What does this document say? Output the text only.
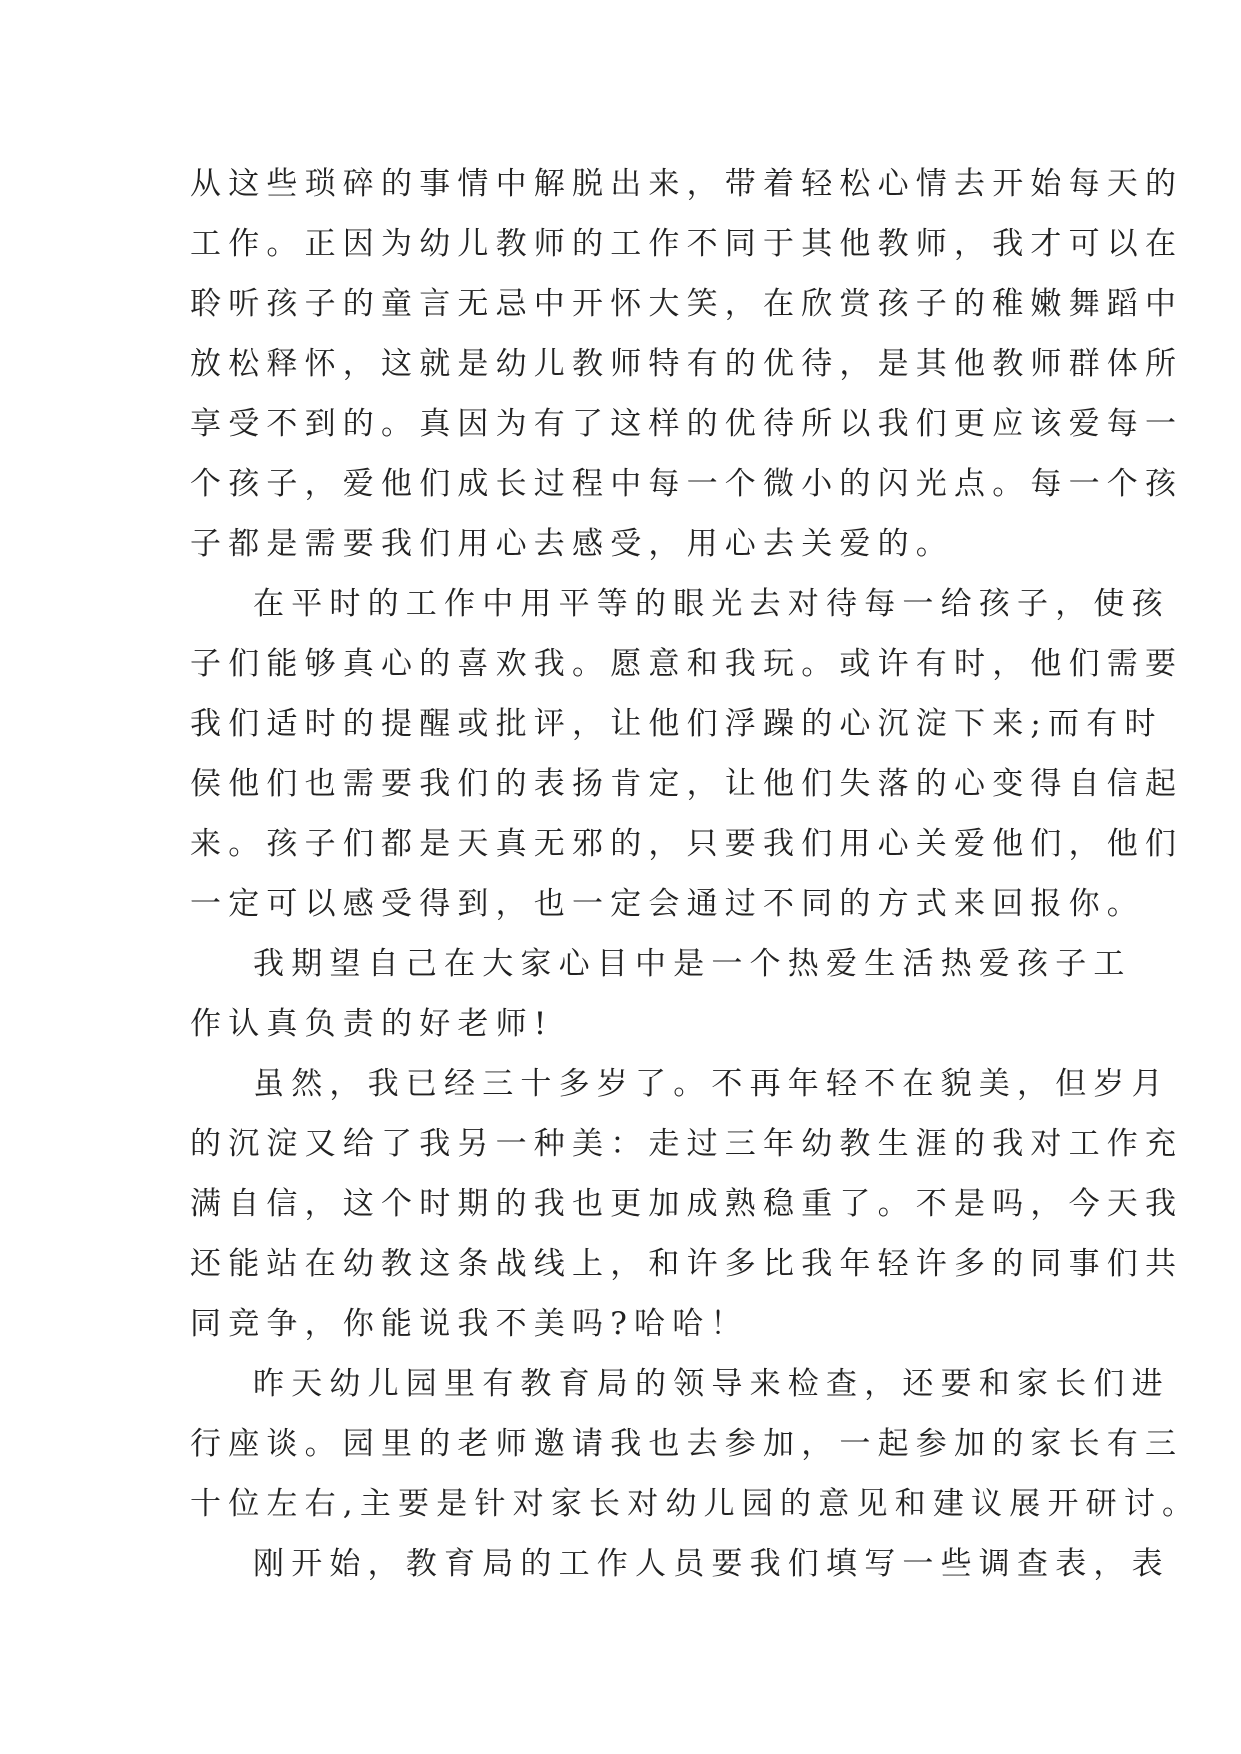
从这些琐碎的事情中解脱出来，带着轻松心情去开始每天的
工作。正因为幼儿教师的工作不同于其他教师，我才可以在
聆听孩子的童言无忌中开怀大笑，在欣赏孩子的稚嫩舞蹈中
放松释怀，这就是幼儿教师特有的优待，是其他教师群体所
享受不到的。真因为有了这样的优待所以我们更应该爱每一
个孩子，爱他们成长过程中每一个微小的闪光点。每一个孩
子都是需要我们用心去感受，用心去关爱的。
在平时的工作中用平等的眼光去对待每一给孩子，使孩
子们能够真心的喜欢我。愿意和我玩。或许有时，他们需要
我们适时的提醒或批评，让他们浮躁的心沉淀下来;而有时
侯他们也需要我们的表扬肯定，让他们失落的心变得自信起
来。孩子们都是天真无邪的，只要我们用心关爱他们，他们
一定可以感受得到，也一定会通过不同的方式来回报你。
我期望自己在大家心目中是一个热爱生活热爱孩子工
作认真负责的好老师!
虽然，我已经三十多岁了。不再年轻不在貌美，但岁月
的沉淀又给了我另一种美：走过三年幼教生涯的我对工作充
满自信，这个时期的我也更加成熟稳重了。不是吗，今天我
还能站在幼教这条战线上，和许多比我年轻许多的同事们共
同竞争，你能说我不美吗?哈哈！
昨天幼儿园里有教育局的领导来检查，还要和家长们进
行座谈。园里的老师邀请我也去参加，一起参加的家长有三
十位左右,主要是针对家长对幼儿园的意见和建议展开研讨。
刚开始，教育局的工作人员要我们填写一些调查表，表
